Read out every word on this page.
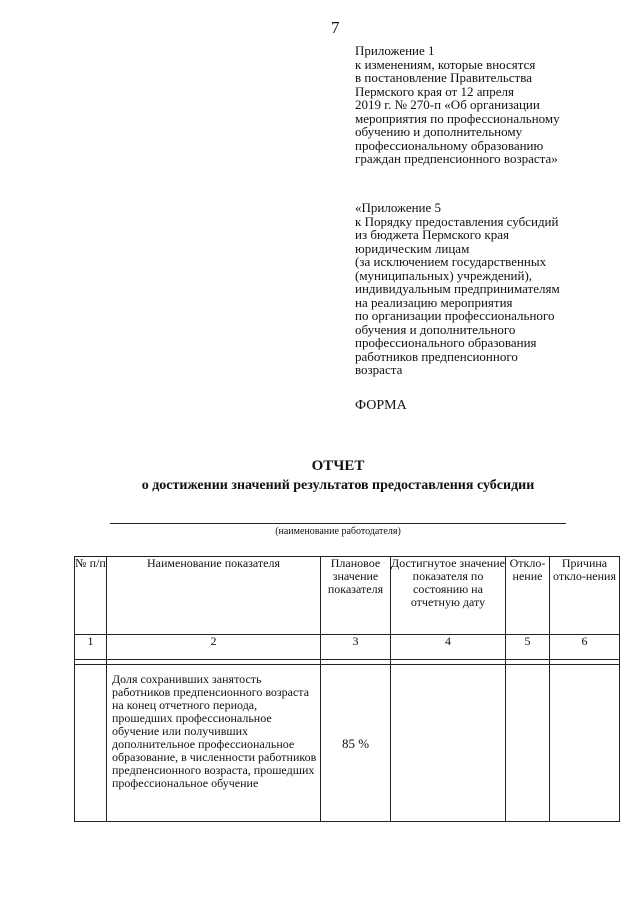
7
Приложение 1
к изменениям, которые вносятся
в постановление Правительства
Пермского края от 12 апреля
2019 г. № 270-п «Об организации
мероприятия по профессиональному
обучению и дополнительному
профессиональному образованию
граждан предпенсионного возраста»
«Приложение 5
к Порядку предоставления субсидий
из бюджета Пермского края
юридическим лицам
(за исключением государственных
(муниципальных) учреждений),
индивидуальным предпринимателям
на реализацию мероприятия
по организации профессионального
обучения и дополнительного
профессионального образования
работников предпенсионного
возраста
ФОРМА
ОТЧЕТ
о достижении значений результатов предоставления субсидии
(наименование работодателя)
№ п/п	Наименование показателя	Плановое значение показателя	Достигнутое значение показателя по состоянию на отчетную дату	Откло-нение	Причина откло-нения
1	2	3	4	5	6

	Доля сохранивших занятость работников предпенсионного возраста на конец отчетного периода, прошедших профессиональное обучение или получивших дополнительное профессиональное образование, в численности работников предпенсионного возраста, прошедших профессиональное обучение	85 %			
